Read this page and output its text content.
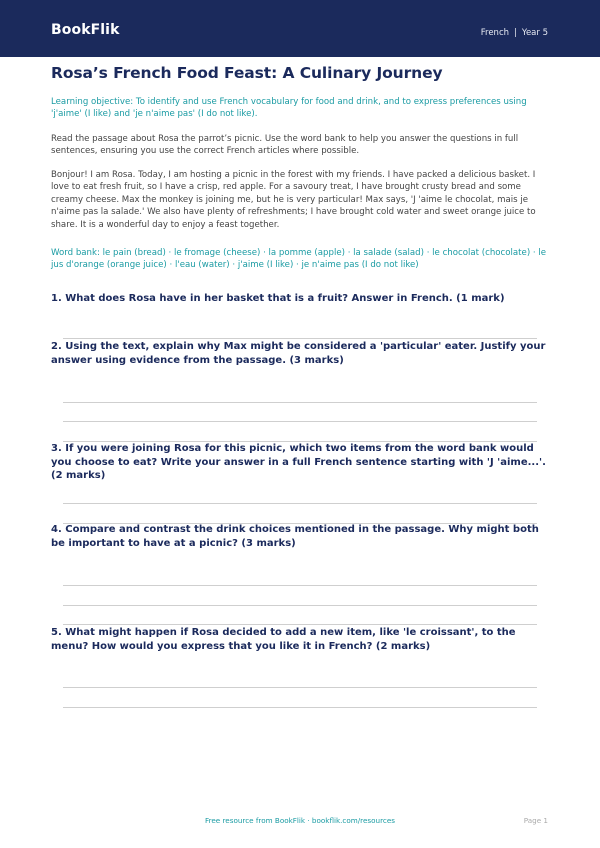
BookFlik	French | Year 5
Rosa’s French Food Feast: A Culinary Journey

Learning objective: To identify and use French vocabulary for food and drink, and to express preferences using 'j'aime' (I like) and 'je n'aime pas' (I do not like).

Read the passage about Rosa the parrot’s picnic. Use the word bank to help you answer the questions in full sentences, ensuring you use the correct French articles where possible.

Bonjour! I am Rosa. Today, I am hosting a picnic in the forest with my friends. I have packed a delicious basket. I love to eat fresh fruit, so I have a crisp, red apple. For a savoury treat, I have brought crusty bread and some creamy cheese. Max the monkey is joining me, but he is very particular! Max says, 'J 'aime le chocolat, mais je n'aime pas la salade.' We also have plenty of refreshments; I have brought cold water and sweet orange juice to share. It is a wonderful day to enjoy a feast together.

Word bank: le pain (bread) · le fromage (cheese) · la pomme (apple) · la salade (salad) · le chocolat (chocolate) · le jus d'orange (orange juice) · l'eau (water) · j'aime (I like) · je n'aime pas (I do not like)

1. What does Rosa have in her basket that is a fruit? Answer in French. (1 mark)
2. Using the text, explain why Max might be considered a 'particular' eater. Justify your answer using evidence from the passage. (3 marks)
3. If you were joining Rosa for this picnic, which two items from the word bank would you choose to eat? Write your answer in a full French sentence starting with 'J 'aime...'. (2 marks)
4. Compare and contrast the drink choices mentioned in the passage. Why might both be important to have at a picnic? (3 marks)
5. What might happen if Rosa decided to add a new item, like 'le croissant', to the menu? How would you express that you like it in French? (2 marks)
Free resource from BookFlik · bookflik.com/resources	Page 1
